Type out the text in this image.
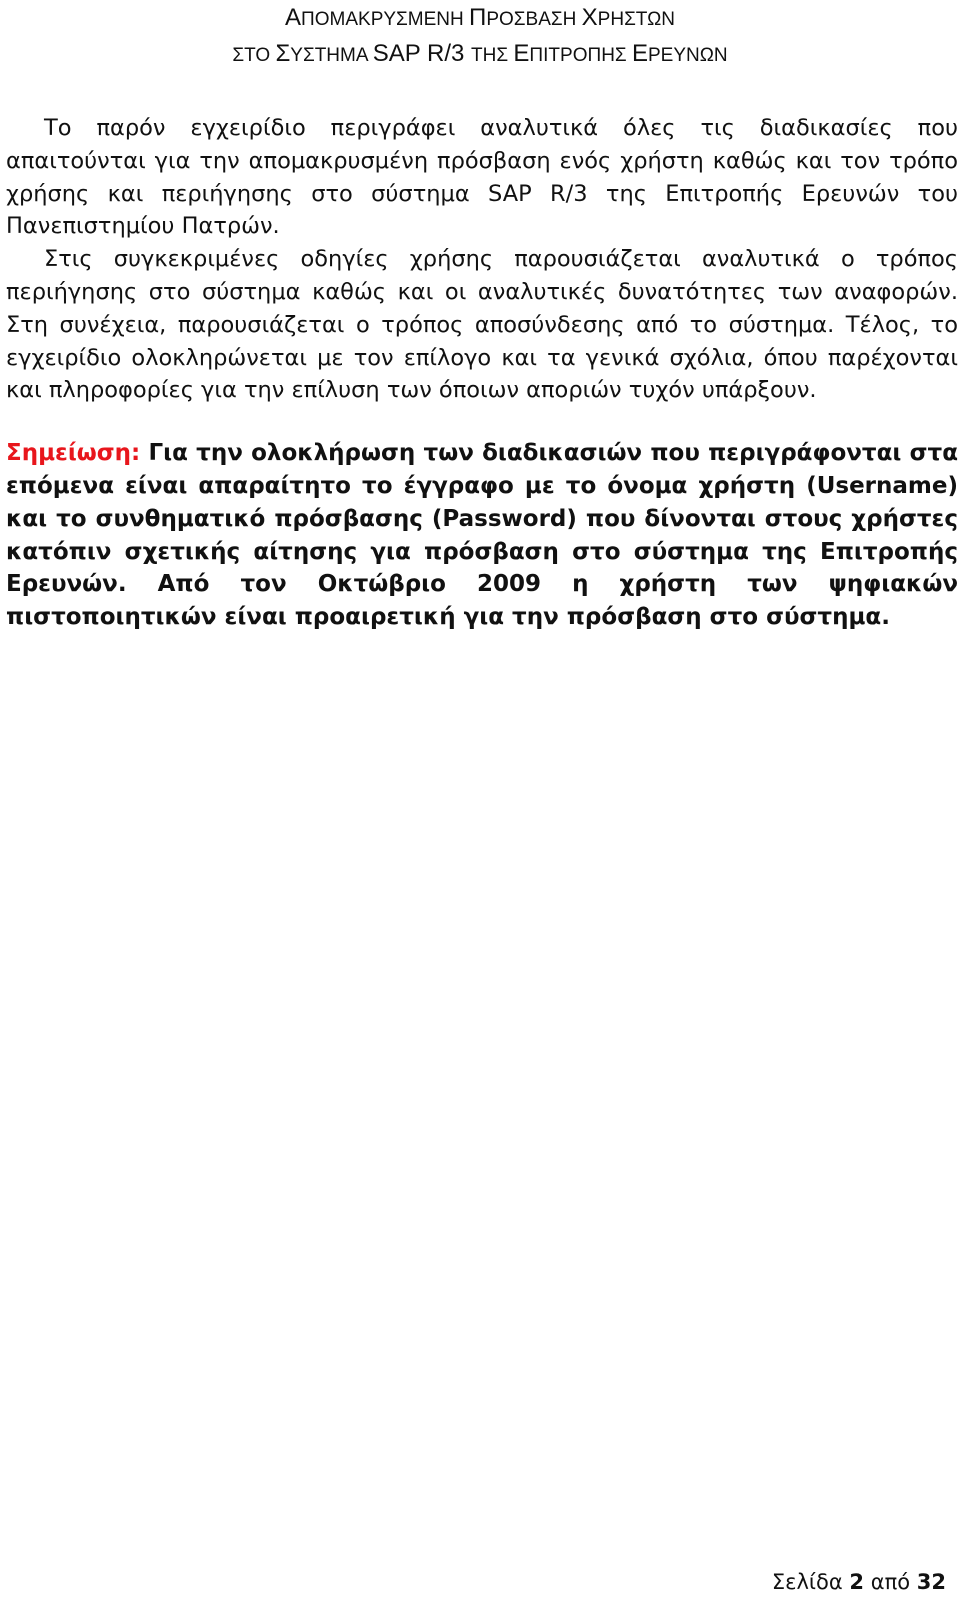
ΑΠΟΜΑΚΡΥΣΜΕΝΗ ΠΡΟΣΒΑΣΗ ΧΡΗΣΤΩΝ
ΣΤΟ ΣΥΣΤΗΜΑ SAP R/3 ΤΗΣ ΕΠΙΤΡΟΠΗΣ ΕΡΕΥΝΩΝ

Το παρόν εγχειρίδιο περιγράφει αναλυτικά όλες τις διαδικασίες που απαιτούνται για την απομακρυσμένη πρόσβαση ενός χρήστη καθώς και τον τρόπο χρήσης και περιήγησης στο σύστημα SAP R/3 της Επιτροπής Ερευνών του Πανεπιστημίου Πατρών.

Στις συγκεκριμένες οδηγίες χρήσης παρουσιάζεται αναλυτικά ο τρόπος περιήγησης στο σύστημα καθώς και οι αναλυτικές δυνατότητες των αναφορών. Στη συνέχεια, παρουσιάζεται ο τρόπος αποσύνδεσης από το σύστημα. Τέλος, το εγχειρίδιο ολοκληρώνεται με τον επίλογο και τα γενικά σχόλια, όπου παρέχονται και πληροφορίες για την επίλυση των όποιων αποριών τυχόν υπάρξουν.

Σημείωση: Για την ολοκλήρωση των διαδικασιών που περιγράφονται στα επόμενα είναι απαραίτητο το έγγραφο με το όνομα χρήστη (Username) και το συνθηματικό πρόσβασης (Password) που δίνονται στους χρήστες κατόπιν σχετικής αίτησης για πρόσβαση στο σύστημα της Επιτροπής Ερευνών. Από τον Οκτώβριο 2009 η χρήστη των ψηφιακών πιστοποιητικών είναι προαιρετική για την πρόσβαση στο σύστημα.

Σελίδα 2 από 32
